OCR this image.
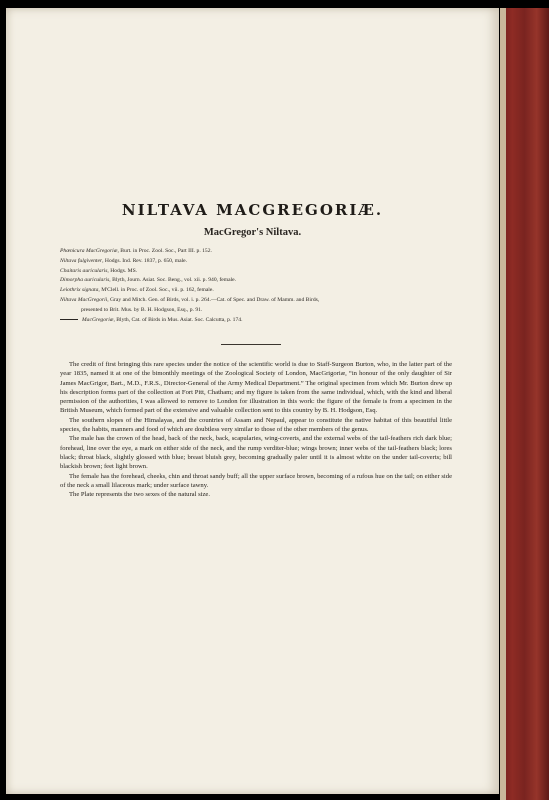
NILTAVA MACGREGORIÆ.
MacGregor's Niltava.
Phœnicura MacGregoriæ, Burt. in Proc. Zool. Soc., Part III. p. 152.
Niltava fulgiventer, Hodgs. Ind. Rev. 1837, p. 650, male.
Chaitaris auricularis, Hodgs. MS.
Dimorpha auricularis, Blyth, Journ. Asiat. Soc. Beng., vol. xii. p. 940, female.
Leiothrix signata, M'Clell. in Proc. of Zool. Soc., vii. p. 162, female.
Niltava MacGregorii, Gray and Mitch. Gen. of Birds, vol. i. p. 264.—Cat. of Spec. and Draw. of Mamm. and Birds,
presented to Brit. Mus. by B. H. Hodgson, Esq., p. 91.
MacGregoriæ, Blyth, Cat. of Birds in Mus. Asiat. Soc. Calcutta, p. 174.

The credit of first bringing this rare species under the notice of the scientific world is due to Staff-Surgeon Burton, who, in the latter part of the year 1835, named it at one of the bimonthly meetings of the Zoological Society of London, MacGrigoriæ, “in honour of the only daughter of Sir James MacGrigor, Bart., M.D., F.R.S., Director-General of the Army Medical Department.” The original specimen from which Mr. Burton drew up his description forms part of the collection at Fort Pitt, Chatham; and my figure is taken from the same individual, which, with the kind and liberal permission of the authorities, I was allowed to remove to London for illustration in this work: the figure of the female is from a specimen in the British Museum, which formed part of the extensive and valuable collection sent to this country by B. H. Hodgson, Esq.

The southern slopes of the Himalayas, and the countries of Assam and Nepaul, appear to constitute the native habitat of this beautiful little species, the habits, manners and food of which are doubtless very similar to those of the other members of the genus.

The male has the crown of the head, back of the neck, back, scapularies, wing-coverts, and the external webs of the tail-feathers rich dark blue; forehead, line over the eye, a mark on either side of the neck, and the rump verditer-blue; wings brown; inner webs of the tail-feathers black; lores black; throat black, slightly glossed with blue; breast bluish grey, becoming gradually paler until it is almost white on the under tail-coverts; bill blackish brown; feet light brown.

The female has the forehead, cheeks, chin and throat sandy buff; all the upper surface brown, becoming of a rufous hue on the tail; on either side of the neck a small lilaceous mark; under surface tawny.

The Plate represents the two sexes of the natural size.
